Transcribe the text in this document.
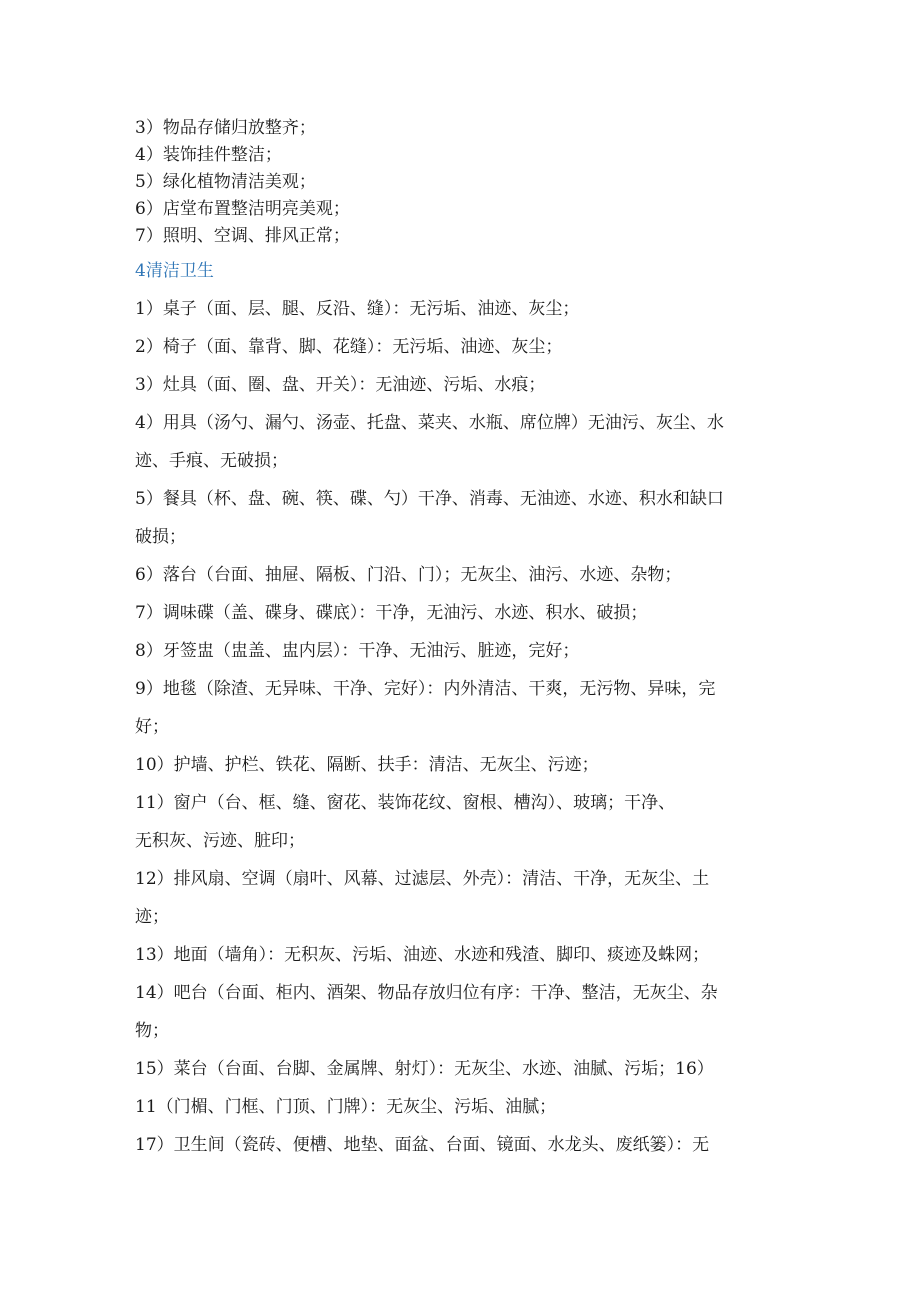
3）物品存储归放整齐；
4）装饰挂件整洁；
5）绿化植物清洁美观；
6）店堂布置整洁明亮美观；
7）照明、空调、排风正常；
4清洁卫生
1）桌子（面、层、腿、反沿、缝）：无污垢、油迹、灰尘；
2）椅子（面、靠背、脚、花缝）：无污垢、油迹、灰尘；
3）灶具（面、圈、盘、开关）：无油迹、污垢、水痕；
4）用具（汤勺、漏勺、汤壶、托盘、菜夹、水瓶、席位牌）无油污、灰尘、水
迹、手痕、无破损；
5）餐具（杯、盘、碗、筷、碟、勺）干净、消毒、无油迹、水迹、积水和缺口
破损；
6）落台（台面、抽屉、隔板、门沿、门）；无灰尘、油污、水迹、杂物；
7）调味碟（盖、碟身、碟底）：干净，无油污、水迹、积水、破损；
8）牙签盅（盅盖、盅内层）：干净、无油污、脏迹，完好；
9）地毯（除渣、无异味、干净、完好）：内外清洁、干爽，无污物、异味，完
好；
10）护墙、护栏、铁花、隔断、扶手：清洁、无灰尘、污迹；
11）窗户（台、框、缝、窗花、装饰花纹、窗根、槽沟）、玻璃；干净、
无积灰、污迹、脏印；
12）排风扇、空调（扇叶、风幕、过滤层、外壳）：清洁、干净，无灰尘、土
迹；
13）地面（墙角）：无积灰、污垢、油迹、水迹和残渣、脚印、痰迹及蛛网；
14）吧台（台面、柜内、酒架、物品存放归位有序：干净、整洁，无灰尘、杂
物；
15）菜台（台面、台脚、金属牌、射灯）：无灰尘、水迹、油腻、污垢；16）
11（门楣、门框、门顶、门牌）：无灰尘、污垢、油腻；
17）卫生间（瓷砖、便槽、地垫、面盆、台面、镜面、水龙头、废纸篓）：无
